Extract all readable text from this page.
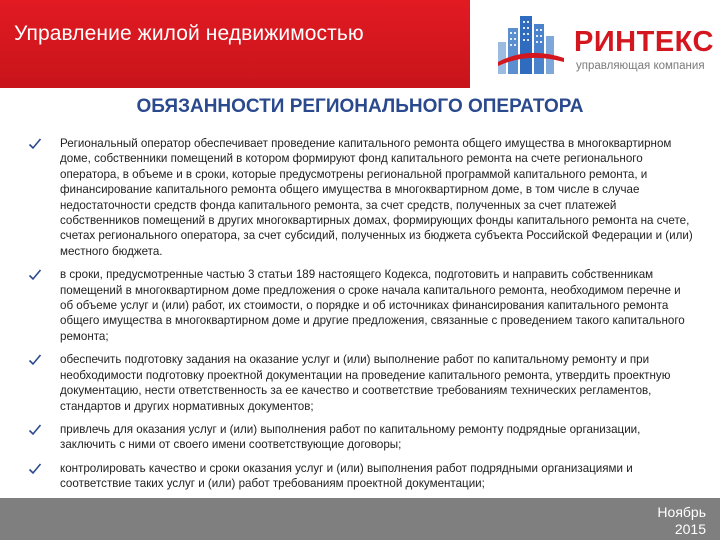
Управление жилой недвижимостью	РИНТЕКС
управляющая компания
ОБЯЗАННОСТИ РЕГИОНАЛЬНОГО ОПЕРАТОРА
Региональный оператор обеспечивает проведение капитального ремонта общего имущества в многоквартирном доме, собственники помещений в котором формируют фонд капитального ремонта на счете регионального оператора, в объеме и в сроки, которые предусмотрены региональной программой капитального ремонта, и финансирование капитального ремонта общего имущества в многоквартирном доме, в том числе в случае недостаточности средств фонда капитального ремонта, за счет средств, полученных за счет платежей собственников помещений в других многоквартирных домах, формирующих фонды капитального ремонта на счете, счетах регионального оператора, за счет субсидий, полученных из бюджета субъекта Российской Федерации и (или) местного бюджета.
в сроки, предусмотренные частью 3 статьи 189 настоящего Кодекса, подготовить и направить собственникам помещений в многоквартирном доме предложения о сроке начала капитального ремонта, необходимом перечне и об объеме услуг и (или) работ, их стоимости, о порядке и об источниках финансирования капитального ремонта общего имущества в многоквартирном доме и другие предложения, связанные с проведением такого капитального ремонта;
обеспечить подготовку задания на оказание услуг и (или) выполнение работ по капитальному ремонту и при необходимости подготовку проектной документации на проведение капитального ремонта, утвердить проектную документацию, нести ответственность за ее качество и соответствие требованиям технических регламентов, стандартов и других нормативных документов;
привлечь для оказания услуг и (или) выполнения работ по капитальному ремонту подрядные организации, заключить с ними от своего имени соответствующие договоры;
контролировать качество и сроки оказания услуг и (или) выполнения работ подрядными организациями и соответствие таких услуг и (или) работ требованиям проектной документации;
Ноябрь
2015
